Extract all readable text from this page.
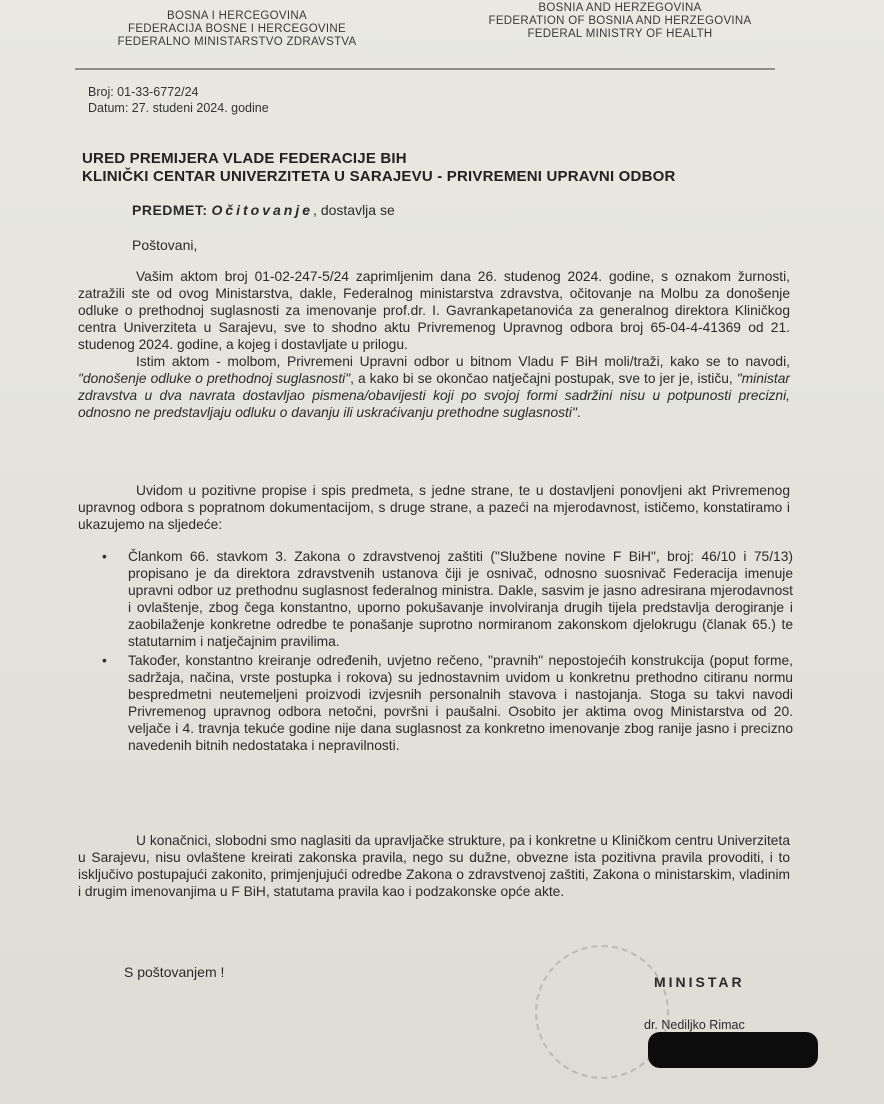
BOSNA I HERCEGOVINA
FEDERACIJA BOSNE I HERCEGOVINE
FEDERALNO MINISTARSTVO ZDRAVSTVA
BOSNIA AND HERZEGOVINA
FEDERATION OF BOSNIA AND HERZEGOVINA
FEDERAL MINISTRY OF HEALTH
Broj: 01-33-6772/24
Datum: 27. studeni 2024. godine
URED PREMIJERA VLADE FEDERACIJE BIH
KLINIČKI CENTAR UNIVERZITETA U SARAJEVU - PRIVREMENI UPRAVNI ODBOR
PREDMET: Očitovanje, dostavlja se
Poštovani,

Vašim aktom broj 01-02-247-5/24 zaprimljenim dana 26. studenog 2024. godine, s oznakom žurnosti, zatražili ste od ovog Ministarstva, dakle, Federalnog ministarstva zdravstva, očitovanje na Molbu za donošenje odluke o prethodnoj suglasnosti za imenovanje prof.dr. I. Gavrankapetanovića za generalnog direktora Kliničkog centra Univerziteta u Sarajevu, sve to shodno aktu Privremenog Upravnog odbora broj 65-04-4-41369 od 21. studenog 2024. godine, a kojeg i dostavljate u prilogu.

Istim aktom - molbom, Privremeni Upravni odbor u bitnom Vladu F BiH moli/traži, kako se to navodi, "donošenje odluke o prethodnoj suglasnosti", a kako bi se okončao natječajni postupak, sve to jer je, ističu, "ministar zdravstva u dva navrata dostavljao pismena/obavijesti koji po svojoj formi sadržini nisu u potpunosti precizni, odnosno ne predstavljaju odluku o davanju ili uskraćivanju prethodne suglasnosti".

Uvidom u pozitivne propise i spis predmeta, s jedne strane, te u dostavljeni ponovljeni akt Privremenog upravnog odbora s popratnom dokumentacijom, s druge strane, a pazeći na mjerodavnost, ističemo, konstatiramo i ukazujemo na sljedeće:

• Člankom 66. stavkom 3. Zakona o zdravstvenoj zaštiti ("Službene novine F BiH", broj: 46/10 i 75/13) propisano je da direktora zdravstvenih ustanova čiji je osnivač, odnosno suosnivač Federacija imenuje upravni odbor uz prethodnu suglasnost federalnog ministra. Dakle, sasvim je jasno adresirana mjerodavnost i ovlaštenje, zbog čega konstantno, uporno pokušavanje involviranja drugih tijela predstavlja derogiranje i zaobilaženje konkretne odredbe te ponašanje suprotno normiranom zakonskom djelokrugu (članak 65.) te statutarnim i natječajnim pravilima.
• Također, konstantno kreiranje određenih, uvjetno rečeno, "pravnih" nepostojećih konstrukcija (poput forme, sadržaja, načina, vrste postupka i rokova) su jednostavnim uvidom u konkretnu prethodno citiranu normu bespredmetni neutemeljeni proizvodi izvjesnih personalnih stavova i nastojanja. Stoga su takvi navodi Privremenog upravnog odbora netočni, površni i paušalni. Osobito jer aktima ovog Ministarstva od 20. veljače i 4. travnja tekuće godine nije dana suglasnost za konkretno imenovanje zbog ranije jasno i precizno navedenih bitnih nedostataka i nepravilnosti.

U konačnici, slobodni smo naglasiti da upravljačke strukture, pa i konkretne u Kliničkom centru Univerziteta u Sarajevu, nisu ovlaštene kreirati zakonska pravila, nego su dužne, obvezne ista pozitivna pravila provoditi, i to isključivo postupajući zakonito, primjenjujući odredbe Zakona o zdravstvenoj zaštiti, Zakona o ministarskim, vladinim i drugim imenovanjima u F BiH, statutama pravila kao i podzakonske opće akte.

S poštovanjem !
MINISTAR
dr. Nediljko Rimac
